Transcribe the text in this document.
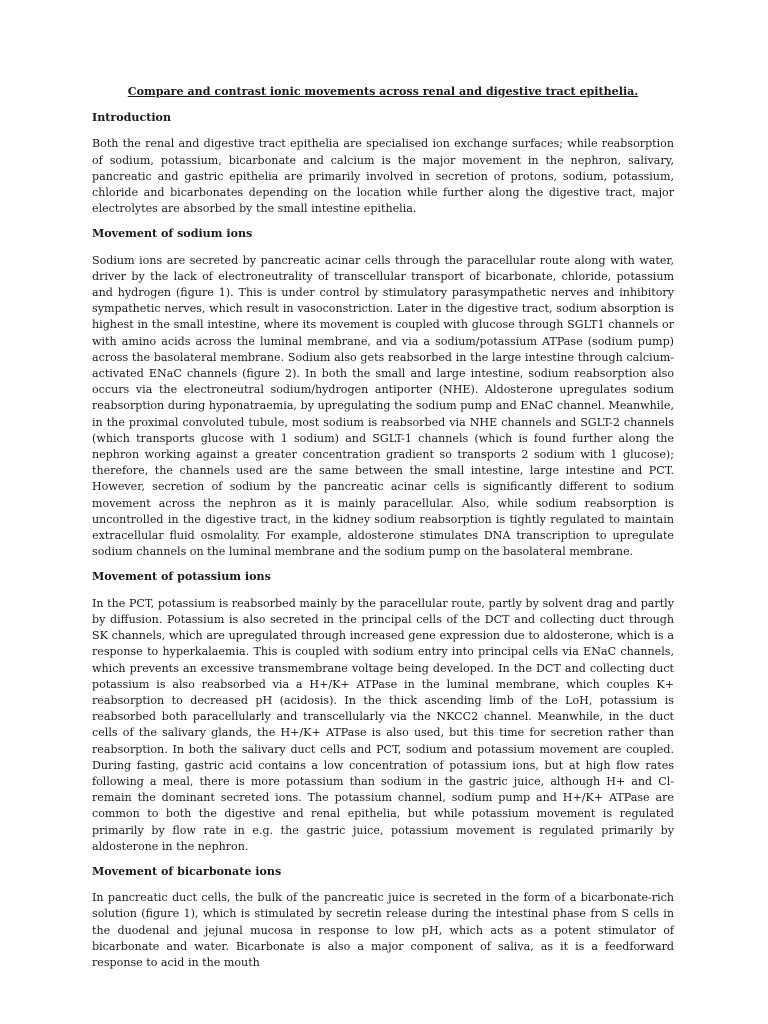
Compare and contrast ionic movements across renal and digestive tract epithelia.
Introduction
Both the renal and digestive tract epithelia are specialised ion exchange surfaces; while reabsorption of sodium, potassium, bicarbonate and calcium is the major movement in the nephron, salivary, pancreatic and gastric epithelia are primarily involved in secretion of protons, sodium, potassium, chloride and bicarbonates depending on the location while further along the digestive tract, major electrolytes are absorbed by the small intestine epithelia.
Movement of sodium ions
Sodium ions are secreted by pancreatic acinar cells through the paracellular route along with water, driver by the lack of electroneutrality of transcellular transport of bicarbonate, chloride, potassium and hydrogen (figure 1). This is under control by stimulatory parasympathetic nerves and inhibitory sympathetic nerves, which result in vasoconstriction. Later in the digestive tract, sodium absorption is highest in the small intestine, where its movement is coupled with glucose through SGLT1 channels or with amino acids across the luminal membrane, and via a sodium/potassium ATPase (sodium pump) across the basolateral membrane. Sodium also gets reabsorbed in the large intestine through calcium-activated ENaC channels (figure 2). In both the small and large intestine, sodium reabsorption also occurs via the electroneutral sodium/hydrogen antiporter (NHE). Aldosterone upregulates sodium reabsorption during hyponatraemia, by upregulating the sodium pump and ENaC channel. Meanwhile, in the proximal convoluted tubule, most sodium is reabsorbed via NHE channels and SGLT-2 channels (which transports glucose with 1 sodium) and SGLT-1 channels (which is found further along the nephron working against a greater concentration gradient so transports 2 sodium with 1 glucose); therefore, the channels used are the same between the small intestine, large intestine and PCT. However, secretion of sodium by the pancreatic acinar cells is significantly different to sodium movement across the nephron as it is mainly paracellular. Also, while sodium reabsorption is uncontrolled in the digestive tract, in the kidney sodium reabsorption is tightly regulated to maintain extracellular fluid osmolality. For example, aldosterone stimulates DNA transcription to upregulate sodium channels on the luminal membrane and the sodium pump on the basolateral membrane.
Movement of potassium ions
In the PCT, potassium is reabsorbed mainly by the paracellular route, partly by solvent drag and partly by diffusion. Potassium is also secreted in the principal cells of the DCT and collecting duct through SK channels, which are upregulated through increased gene expression due to aldosterone, which is a response to hyperkalaemia. This is coupled with sodium entry into principal cells via ENaC channels, which prevents an excessive transmembrane voltage being developed. In the DCT and collecting duct potassium is also reabsorbed via a H+/K+ ATPase in the luminal membrane, which couples K+ reabsorption to decreased pH (acidosis). In the thick ascending limb of the LoH, potassium is reabsorbed both paracellularly and transcellularly via the NKCC2 channel. Meanwhile, in the duct cells of the salivary glands, the H+/K+ ATPase is also used, but this time for secretion rather than reabsorption. In both the salivary duct cells and PCT, sodium and potassium movement are coupled. During fasting, gastric acid contains a low concentration of potassium ions, but at high flow rates following a meal, there is more potassium than sodium in the gastric juice, although H+ and Cl- remain the dominant secreted ions. The potassium channel, sodium pump and H+/K+ ATPase are common to both the digestive and renal epithelia, but while potassium movement is regulated primarily by flow rate in e.g. the gastric juice, potassium movement is regulated primarily by aldosterone in the nephron.
Movement of bicarbonate ions
In pancreatic duct cells, the bulk of the pancreatic juice is secreted in the form of a bicarbonate-rich solution (figure 1), which is stimulated by secretin release during the intestinal phase from S cells in the duodenal and jejunal mucosa in response to low pH, which acts as a potent stimulator of bicarbonate and water. Bicarbonate is also a major component of saliva, as it is a feedforward response to acid in the mouth
